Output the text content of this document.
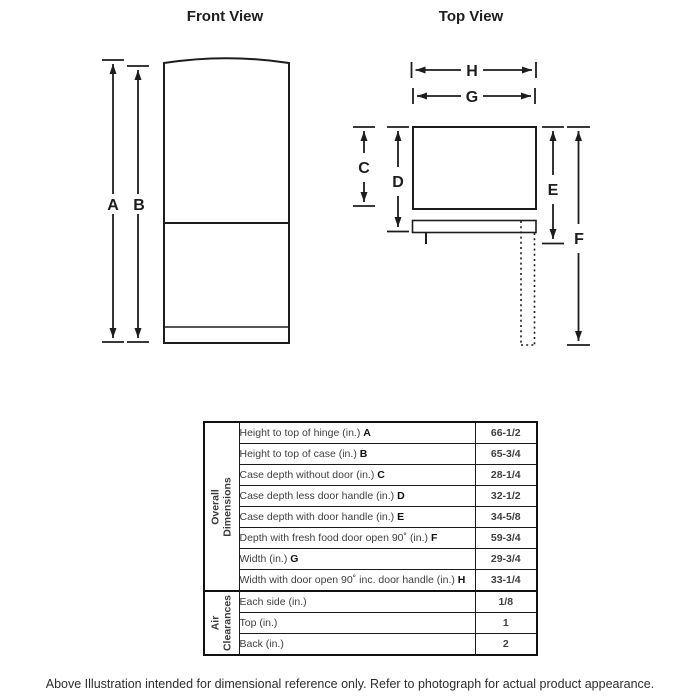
Front View
A B
Top View
H
G
C
D	E
F
Overall Dimensions	Height to top of hinge (in.) A	66-1/2
	Height to top of case (in.) B	65-3/4
	Case depth without door (in.) C	28-1/4
	Case depth less door handle (in.) D	32-1/2
	Case depth with door handle (in.) E	34-5/8
	Depth with fresh food door open 90˚ (in.) F	59-3/4
	Width (in.) G	29-3/4
	Width with door open 90˚ inc. door handle (in.) H	33-1/4

Air Clearances	Each side (in.)	1/8
	Top (in.)	1
	Back (in.)	2
Above Illustration intended for dimensional reference only. Refer to photograph for actual product appearance.
